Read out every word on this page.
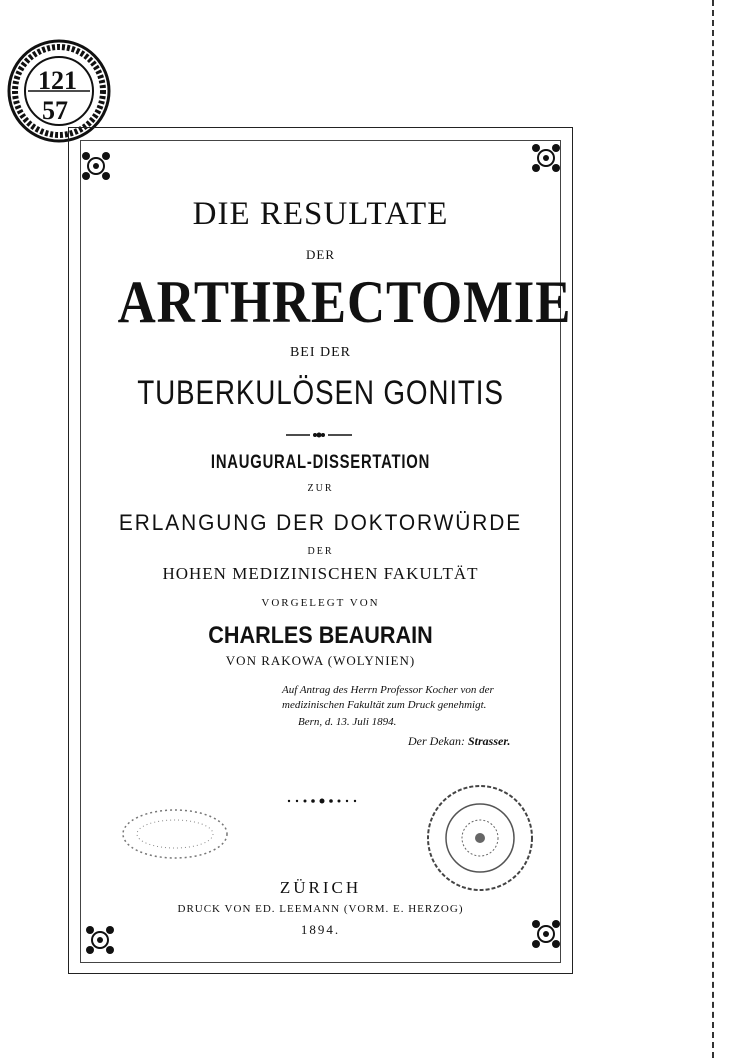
121
57
DIE RESULTATE
DER
ARTHRECTOMIE
BEI DER
TUBERKULÖSEN GONITIS
INAUGURAL-DISSERTATION
ZUR
ERLANGUNG DER DOKTORWÜRDE
DER
HOHEN MEDIZINISCHEN FAKULTÄT
VORGELEGT VON
CHARLES BEAURAIN
VON RAKOWA (WOLYNIEN)
Auf Antrag des Herrn Professor Kocher von der
medizinischen Fakultät zum Druck genehmigt.
Bern, d. 13. Juli 1894.
Der Dekan: Strasser.
ZÜRICH
DRUCK VON ED. LEEMANN (VORM. E. HERZOG)
1894.
